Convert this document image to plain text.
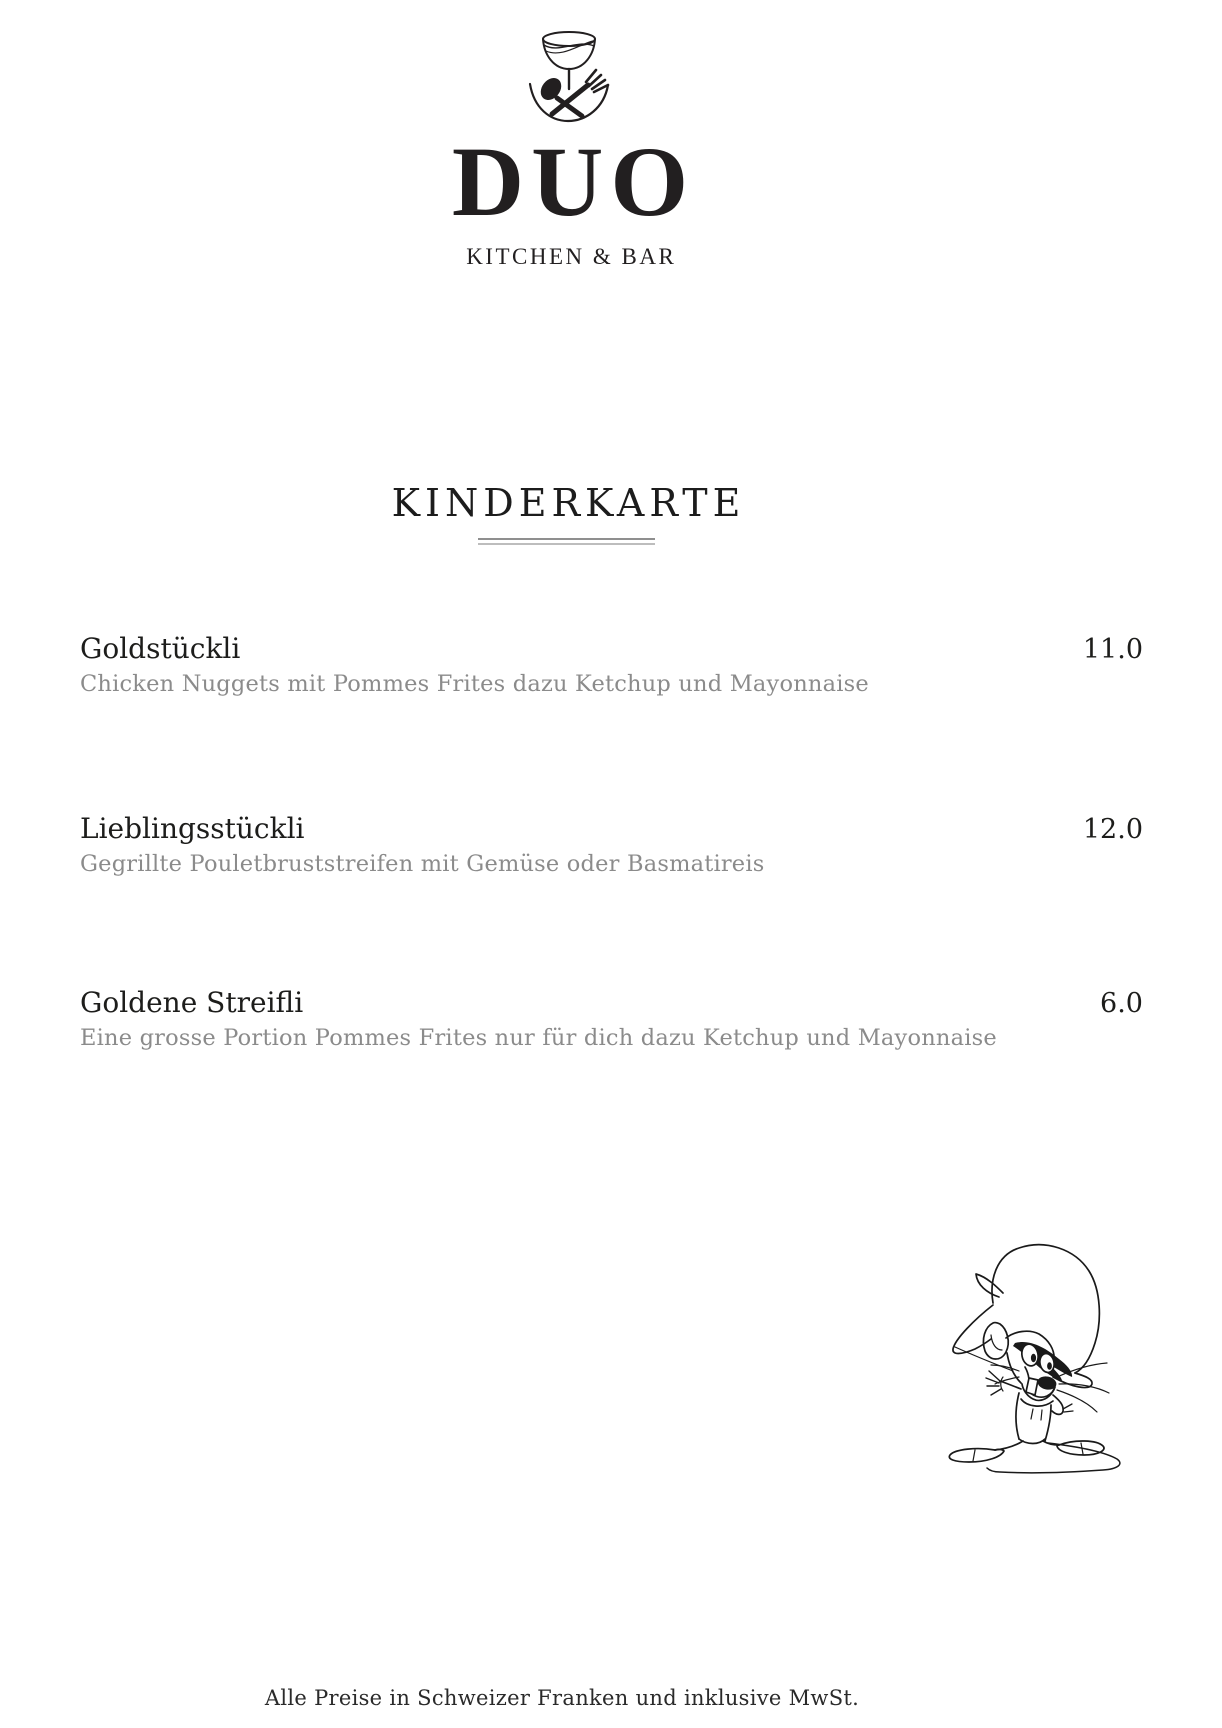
DUO
KITCHEN & BAR
KINDERKARTE
Goldstückli	11.0
Chicken Nuggets mit Pommes Frites dazu Ketchup und Mayonnaise
Lieblingsstückli	12.0
Gegrillte Pouletbruststreifen mit Gemüse oder Basmatireis
Goldene Streifli	6.0
Eine grosse Portion Pommes Frites nur für dich dazu Ketchup und Mayonnaise
Alle Preise in Schweizer Franken und inklusive MwSt.
